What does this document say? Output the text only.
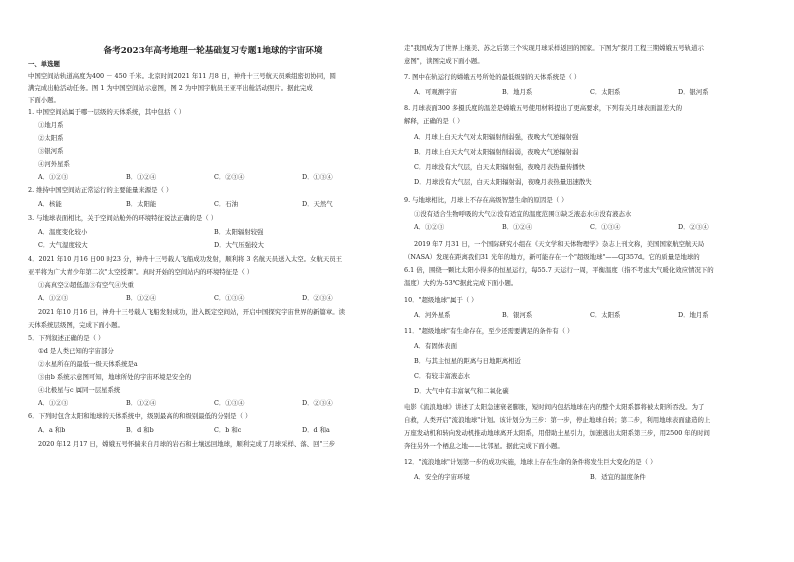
备考2023年高考地理一轮基础复习专题1地球的宇宙环境
一、单选题
中国空间站轨道高度为400 － 450 千米。北京时间2021 年11 月8 日，神舟十三号航天员乘组密切协同，圆
满完成出舱活动任务。图 1 为中国空间站示意图，图 2 为中国宇航员王亚平出舱活动照片。据此完成
下面小题。
1. 中国空间站属于哪一层级的天体系统，其中包括（ ）
①地月系
②太阳系
③银河系
④河外星系
A．①②③	B．①②④	C．②③④	D．①③④
2. 维持中国空间站正常运行的主要能量来源是（ ）
A．核能	B．太阳能	C．石油	D．天然气
3. 与地球表面相比，关于空间站舱外的环境特征说法正确的是（ ）
A．温度变化较小	B．太阳辐射较强
C．大气湿度较大	D．大气压强较大
4．2021 年10 月16 日00 时23 分，神舟十三号载人飞船成功发射，顺利将 3 名航天员送入太空。女航天员王
亚平将为广大青少年第二次"太空授课"。真时开始的空间站内的环境特征是（ ）
①高真空②超低温③有空气④失重
A．①②③	B．①②④	C．①③④	D．②③④
2021 年10 月16 日，神舟十三号载人飞船发射成功，进入既定空间站，开启中国探究宇宙世界的新篇章。读
天体系统层级图，完成下面小题。
5．下列叙述正确的是（ ）
①d 是人类已知的宇宙部分
②水星所在的最低一级天体系统是a
③由b 系统示意图可知，地球所处的宇宙环境是安全的
④北极星与c 属同一层星系统
A．①②③	B．①②④	C．①③④	D．②③④
6．下列时包含太阳和地球的天体系统中，级别最高的和级别最低的分别是（ ）
A．a 和b	B．d 和b	C．b 和c	D．d 和a
2020 年12 月17 日，嫦娥五号怀揣来自月球的岩石和土壤远回地球，顺利完成了月球采样、落、回"三步
走"我国成为了世界上继美、苏之后第三个实现月球采样返回的国家。下图为"探月工程三期嫦娥五号轨道示
意图"，读图完成下面小题。
7. 图中在轨运行的嫦娥五号所处的最低级别的天体系统是（ ）
A．可观测宇宙	B．地月系	C．太阳系	D．银河系
8. 月球表面300 多摄氏度的温差是嫦娥五号使用材料提出了更高要求，下列有关月球表面温差大的
解释，正确的是（ ）
A．月球上白天大气对太阳辐射削弱强，夜晚大气逆辐射强
B．月球上白天大气对太阳辐射削弱弱，夜晚大气逆辐射弱
C．月球没有大气层，白天太阳辐射强，夜晚月表热量传播快
D．月球没有大气层，白天太阳辐射弱，夜晚月表热量迅速散失
9. 与地球相比，月球上不存在高级智慧生命的原因是（ ）
①没有适合生物呼吸的大气②没有适宜的温度范围③缺乏液态水④没有液态水
A．①②③	B．①②④	C．①③④	D．②③④
2019 年7 月31 日，一个国际研究小组在《天文学和天体物理学》杂志上刊文称，美国国家航空航天局
（NASA）发现在距离我们31 光年的地方，新可能存在一个"超级地球"——GJ357d。它的质量是地球的
6.1 倍，围绕一颗比太阳小得多的恒星运行，每55.7 天运行一周，平衡温度（指不考虑大气暖化效应情况下的
温度）大约为-53℃据此完成下面小题。
10．"超级地球"属于（ ）
A．河外星系	B．银河系	C．太阳系	D．地月系
11．"超级地球"有生命存在，至少还需要满足的条件有（ ）
A．有固体表面
B．与其主恒星的距离与日地距离相近
C．有较丰富液态水
D．大气中有丰富氧气和二氧化碳
电影《流浪地球》讲述了太阳急速衰老膨胀，短时间内包括地球在内的整个太阳系都将被太阳所吞没。为了
自救，人类开启"流浪地球"计划。该计划分为三步：第一步，停止地球自转；第二步，利用地球表面建造的上
万座发动机和转向发动机推动地球离开太阳系，用借助土星引力，加速逃出太阳系第三步，用2500 年的时间
奔往另外一个栖息之地——比邻星。据此完成下面小题。
12．"流浪地球"计划第一步的成功实施，地球上存在生命的条件将发生巨大变化的是（ ）
A．安全的宇宙环境	B．适宜的温度条件
